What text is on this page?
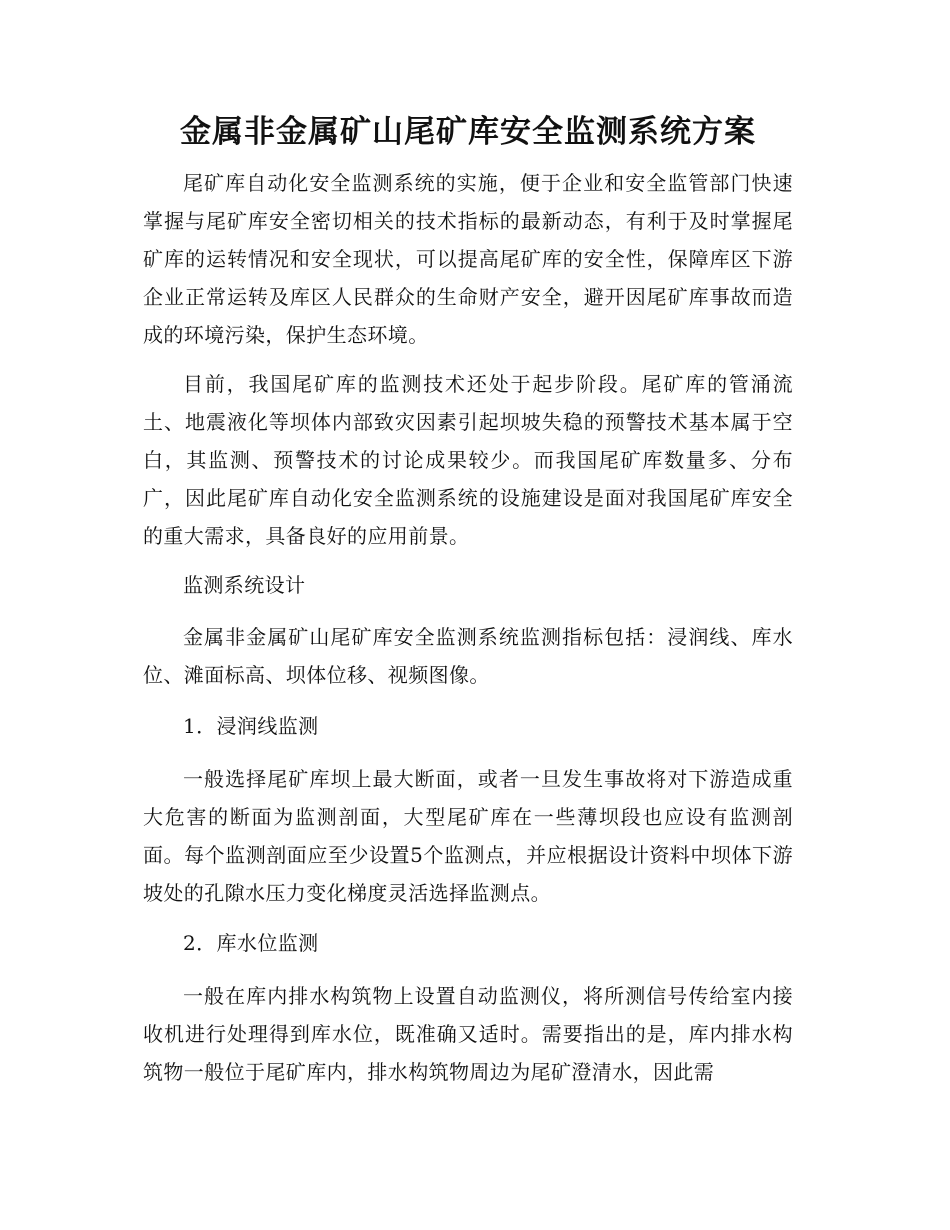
金属非金属矿山尾矿库安全监测系统方案

尾矿库自动化安全监测系统的实施，便于企业和安全监管部门快速掌握与尾矿库安全密切相关的技术指标的最新动态，有利于及时掌握尾矿库的运转情况和安全现状，可以提高尾矿库的安全性，保障库区下游企业正常运转及库区人民群众的生命财产安全，避开因尾矿库事故而造成的环境污染，保护生态环境。

目前，我国尾矿库的监测技术还处于起步阶段。尾矿库的管涌流土、地震液化等坝体内部致灾因素引起坝坡失稳的预警技术基本属于空白，其监测、预警技术的讨论成果较少。而我国尾矿库数量多、分布广，因此尾矿库自动化安全监测系统的设施建设是面对我国尾矿库安全的重大需求，具备良好的应用前景。

监测系统设计

金属非金属矿山尾矿库安全监测系统监测指标包括：浸润线、库水位、滩面标高、坝体位移、视频图像。

1．浸润线监测

一般选择尾矿库坝上最大断面，或者一旦发生事故将对下游造成重大危害的断面为监测剖面，大型尾矿库在一些薄坝段也应设有监测剖面。每个监测剖面应至少设置5个监测点，并应根据设计资料中坝体下游坡处的孔隙水压力变化梯度灵活选择监测点。

2．库水位监测

一般在库内排水构筑物上设置自动监测仪，将所测信号传给室内接收机进行处理得到库水位，既准确又适时。需要指出的是，库内排水构筑物一般位于尾矿库内，排水构筑物周边为尾矿澄清水，因此需
